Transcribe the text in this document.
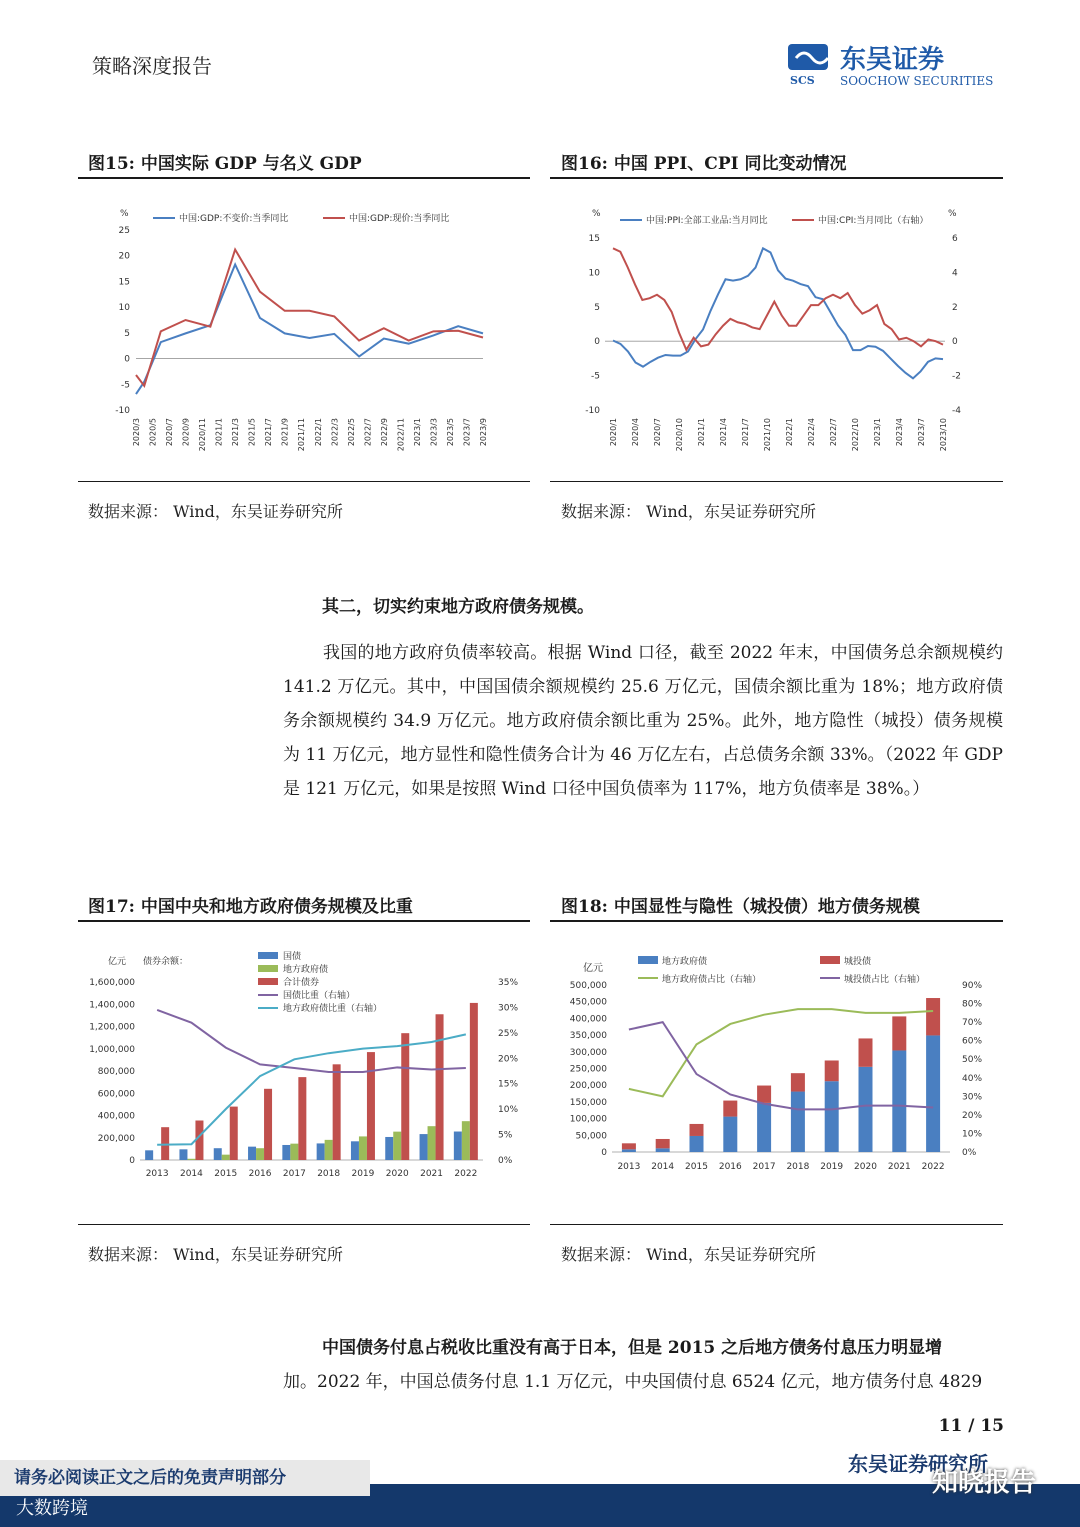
策略深度报告
SCS
东吴证券
SOOCHOW SECURITIES
图15: 中国实际 GDP 与名义 GDP
%
25
20
15
10
5
0
-5
-10
2020/3 2020/5 2020/7 2020/9 2020/11 2021/1 2021/3 2021/5 2021/7 2021/9 2021/11 2022/1 2022/3 2022/5 2022/7 2022/9 2022/11 2023/1 2023/3 2023/5 2023/7 2023/9
中国:GDP:不变价:当季同比	中国:GDP:现价:当季同比
数据来源： Wind，东吴证券研究所
图16: 中国 PPI、CPI 同比变动情况
%	%
15
10
5
0
-5
-10
6
4
2
0
-2
-4
2020/1 2020/4 2020/7 2020/10 2021/1 2021/4 2021/7 2021/10 2022/1 2022/4 2022/7 2022/10 2023/1 2023/4 2023/7 2023/10
中国:PPI:全部工业品:当月同比	中国:CPI:当月同比（右轴）
数据来源： Wind，东吴证券研究所
其二，切实约束地方政府债务规模。
我国的地方政府负债率较高。根据 Wind 口径，截至 2022 年末，中国债务总余额规模约 141.2 万亿元。其中，中国国债余额规模约 25.6 万亿元，国债余额比重为 18%；地方政府债务余额规模约 34.9 万亿元。地方政府债余额比重为 25%。此外，地方隐性（城投）债务规模为 11 万亿元，地方显性和隐性债务合计为 46 万亿左右，占总债务余额 33%。（2022 年 GDP 是 121 万亿元，如果是按照 Wind 口径中国负债率为 117%，地方负债率是 38%。）
图17: 中国中央和地方政府债务规模及比重
亿元 债券余额：
1,600,000
1,400,000
1,200,000
1,000,000
800,000
600,000
400,000
200,000
0
35%
30%
25%
20%
15%
10%
5%
0%
2013 2014 2015 2016 2017 2018 2019 2020 2021 2022
国债
地方政府债
合计债券
国债比重（右轴）
地方政府债比重（右轴）
数据来源： Wind，东吴证券研究所
图18: 中国显性与隐性（城投债）地方债务规模
亿元
500,000
450,000
400,000
350,000
300,000
250,000
200,000
150,000
100,000
50,000
0
90%
80%
70%
60%
50%
40%
30%
20%
10%
0%
2013 2014 2015 2016 2017 2018 2019 2020 2021 2022
地方政府债	城投债
地方政府债占比（右轴）	城投债占比（右轴）
数据来源： Wind，东吴证券研究所
中国债务付息占税收比重没有高于日本，但是 2015 之后地方债务付息压力明显增
加。2022 年，中国总债务付息 1.1 万亿元，中央国债付息 6524 亿元，地方债务付息 4829
11 / 15
东吴证券研究所
请务必阅读正文之后的免责声明部分
大数跨境
知晓报告
